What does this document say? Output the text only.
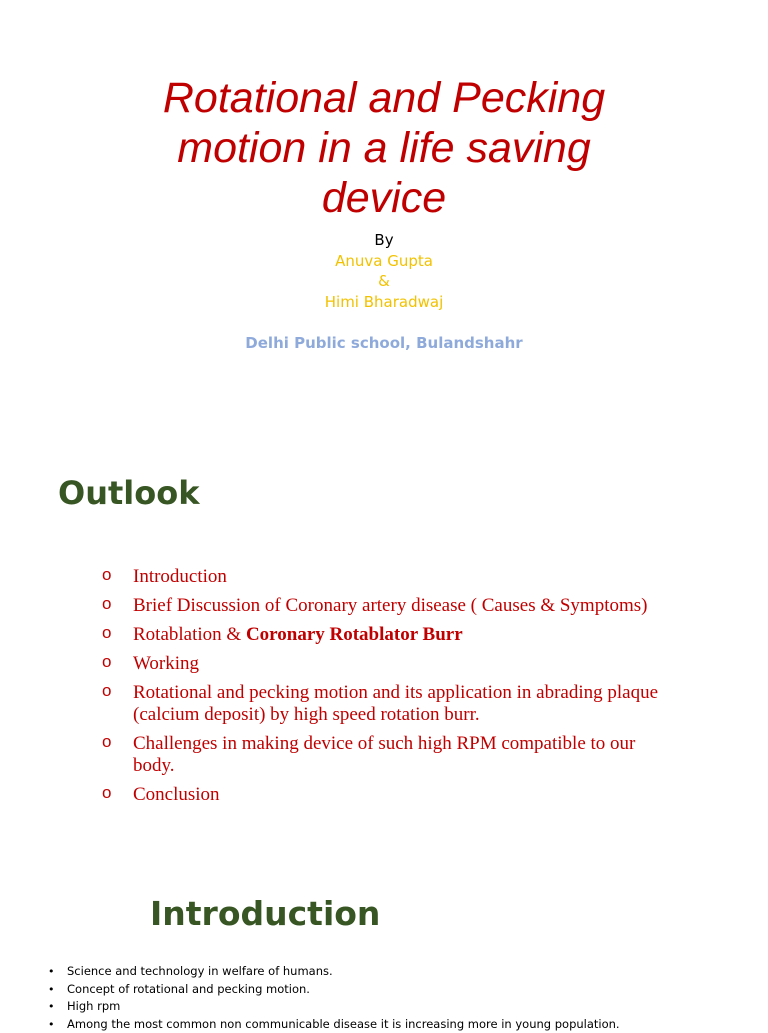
Rotational and Pecking
motion in a life saving
device
By
Anuva Gupta
&
Himi Bharadwaj
Delhi Public school, Bulandshahr
Outlook
o Introduction
o Brief Discussion of Coronary artery disease ( Causes & Symptoms)
o Rotablation & Coronary Rotablator Burr
o Working
o Rotational and pecking motion and its application in abrading plaque (calcium deposit) by high speed rotation burr.
o Challenges in making device of such high RPM compatible to our body.
o Conclusion
Introduction
• Science and technology in welfare of humans.
• Concept of rotational and pecking motion.
• High rpm
• Among the most common non communicable disease it is increasing more in young population.
